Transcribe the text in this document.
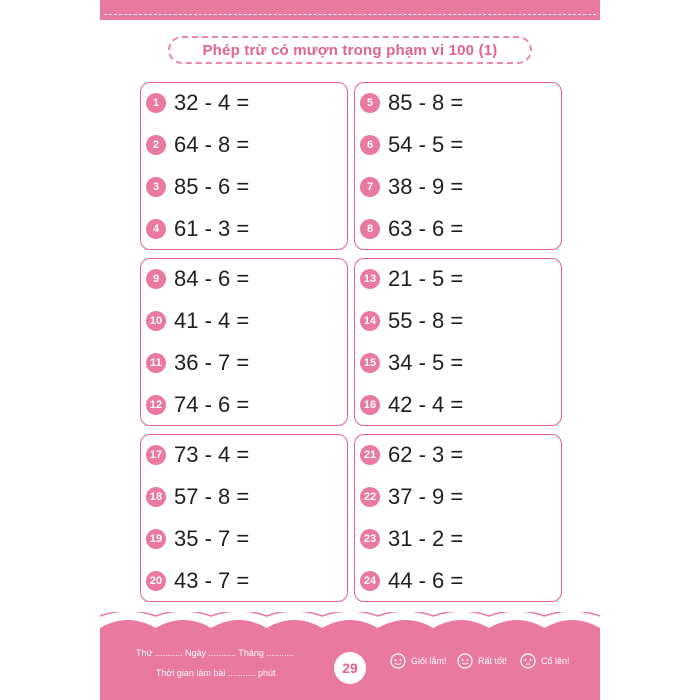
Phép trừ có mượn trong phạm vi 100 (1)
1 32 - 4 =
2 64 - 8 =
3 85 - 6 =
4 61 - 3 =
5 85 - 8 =
6 54 - 5 =
7 38 - 9 =
8 63 - 6 =
9 84 - 6 =
10 41 - 4 =
11 36 - 7 =
12 74 - 6 =
13 21 - 5 =
14 55 - 8 =
15 34 - 5 =
16 42 - 4 =
17 73 - 4 =
18 57 - 8 =
19 35 - 7 =
20 43 - 7 =
21 62 - 3 =
22 37 - 9 =
23 31 - 2 =
24 44 - 6 =
Thứ ........... Ngày ........... Tháng ...........
Thời gian làm bài ........... phút	29	Giỏi lắm!	Rất tốt!	Cố lên!
